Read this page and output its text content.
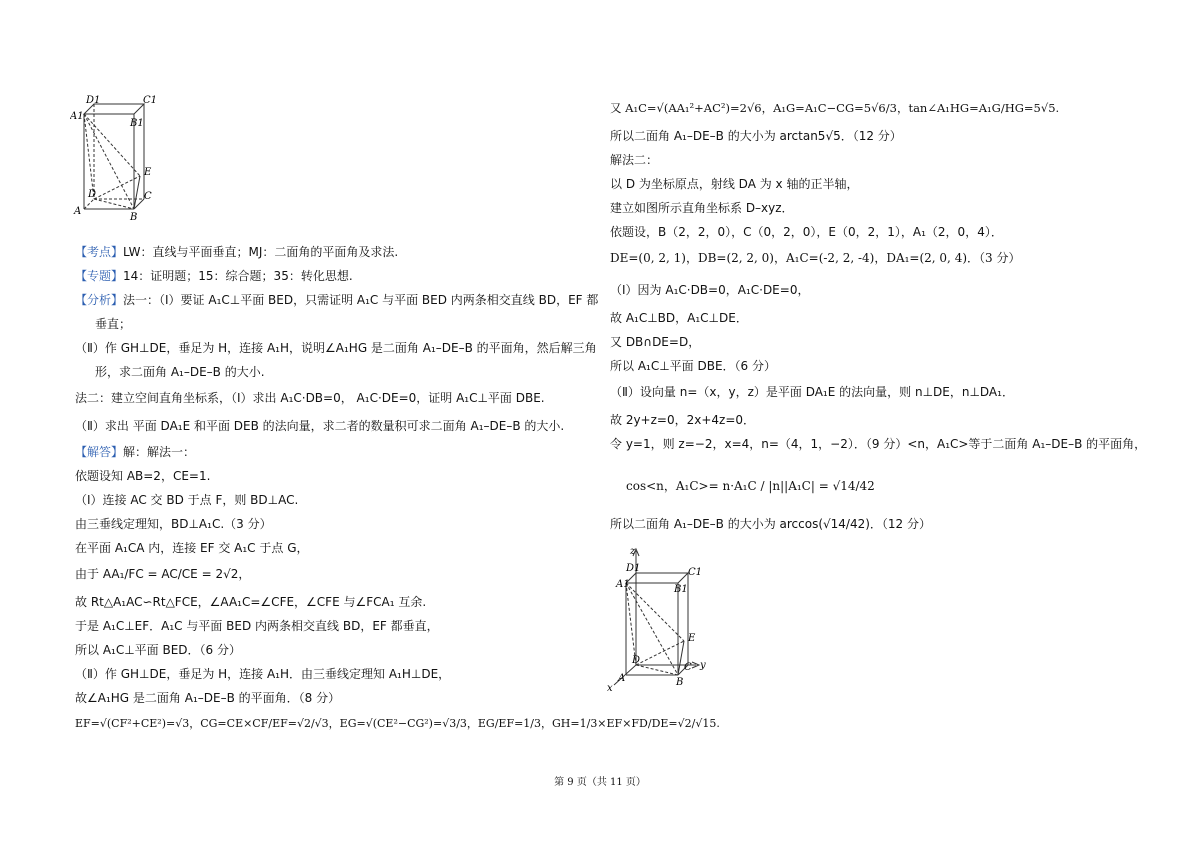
D1	C1
A1
B1
E
D	C
A
B
【考点】LW：直线与平面垂直；MJ：二面角的平面角及求法.
【专题】14：证明题；15：综合题；35：转化思想.
【分析】法一：（Ⅰ）要证 A₁C⊥平面 BED，只需证明 A₁C 与平面 BED 内两条相交直线 BD，EF 都
垂直；
（Ⅱ）作 GH⊥DE，垂足为 H，连接 A₁H，说明∠A₁HG 是二面角 A₁–DE–B 的平面角，然后解三角
形，求二面角 A₁–DE–B 的大小.
法二：建立空间直角坐标系，（Ⅰ）求出 A₁C·DB=0， A₁C·DE=0，证明 A₁C⊥平面 DBE.
（Ⅱ）求出 平面 DA₁E 和平面 DEB 的法向量，求二者的数量积可求二面角 A₁–DE–B 的大小.
【解答】解：解法一：
依题设知 AB=2，CE=1.
（Ⅰ）连接 AC 交 BD 于点 F，则 BD⊥AC.
由三垂线定理知，BD⊥A₁C.（3 分）
在平面 A₁CA 内，连接 EF 交 A₁C 于点 G，
由于 AA₁/FC = AC/CE = 2√2，
故 Rt△A₁AC∽Rt△FCE，∠AA₁C=∠CFE，∠CFE 与∠FCA₁ 互余.
于是 A₁C⊥EF．A₁C 与平面 BED 内两条相交直线 BD，EF 都垂直，
所以 A₁C⊥平面 BED．（6 分）
（Ⅱ）作 GH⊥DE，垂足为 H，连接 A₁H．由三垂线定理知 A₁H⊥DE，
故∠A₁HG 是二面角 A₁–DE–B 的平面角．（8 分）
EF=√(CF²+CE²)=√3，CG=CE×CF/EF=√2/√3，EG=√(CE²−CG²)=√3/3，EG/EF=1/3，GH=1/3×EF×FD/DE=√2/√15.
又 A₁C=√(AA₁²+AC²)=2√6，A₁G=A₁C−CG=5√6/3，tan∠A₁HG=A₁G/HG=5√5.
所以二面角 A₁–DE–B 的大小为 arctan5√5．（12 分）
解法二：
以 D 为坐标原点，射线 DA 为 x 轴的正半轴，
建立如图所示直角坐标系 D–xyz．
依题设，B（2，2，0），C（0，2，0），E（0，2，1），A₁（2，0，4）．
DE=(0, 2, 1)，DB=(2, 2, 0)，A₁C=(-2, 2, -4)，DA₁=(2, 0, 4)．（3 分）
（Ⅰ）因为 A₁C·DB=0，A₁C·DE=0，
故 A₁C⊥BD，A₁C⊥DE．
又 DB∩DE=D，
所以 A₁C⊥平面 DBE．（6 分）
（Ⅱ）设向量 n=（x，y，z）是平面 DA₁E 的法向量，则 n⊥DE，n⊥DA₁．
故 2y+z=0，2x+4z=0．
令 y=1，则 z=−2，x=4，n=（4，1，−2）．（9 分）<n，A₁C>等于二面角 A₁–DE–B 的平面角，
cos<n，A₁C>= n·A₁C / |n||A₁C| = √14/42
所以二面角 A₁–DE–B 的大小为 arccos(√14/42)．（12 分）
z
D1	C1
A1	B1
E
D	y
C
A	B
x
第 9 页（共 11 页）
